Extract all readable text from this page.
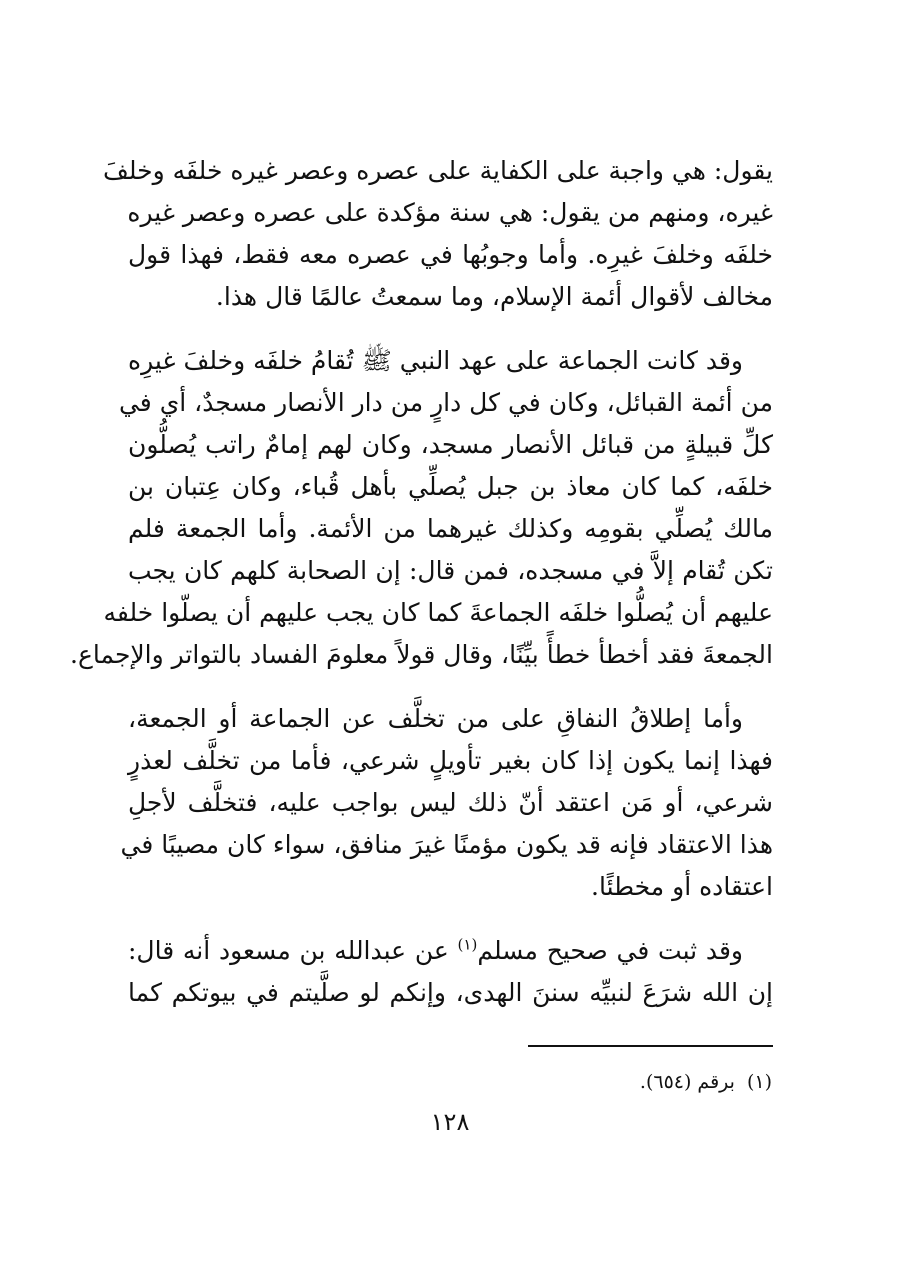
يقول: هي واجبة على الكفاية على عصره وعصر غيره خلفَه وخلفَ
غيره، ومنهم من يقول: هي سنة مؤكدة على عصره وعصر غيره
خلفَه وخلفَ غيرِه. وأما وجوبُها في عصره معه فقط، فهذا قول
مخالف لأقوال أئمة الإسلام، وما سمعتُ عالمًا قال هذا.

وقد كانت الجماعة على عهد النبي ﷺ تُقامُ خلفَه وخلفَ غيرِه
من أئمة القبائل، وكان في كل دارٍ من دار الأنصار مسجدٌ، أي في
كلِّ قبيلةٍ من قبائل الأنصار مسجد، وكان لهم إمامٌ راتب يُصلُّون
خلفَه، كما كان معاذ بن جبل يُصلِّي بأهل قُباء، وكان عِتبان بن
مالك يُصلِّي بقومِه وكذلك غيرهما من الأئمة. وأما الجمعة فلم
تكن تُقام إلاَّ في مسجده، فمن قال: إن الصحابة كلهم كان يجب
عليهم أن يُصلُّوا خلفَه الجماعةَ كما كان يجب عليهم أن يصلّوا خلفه
الجمعةَ فقد أخطأ خطأً بيِّنًا، وقال قولاً معلومَ الفساد بالتواتر والإجماع.

وأما إطلاقُ النفاقِ على من تخلَّف عن الجماعة أو الجمعة،
فهذا إنما يكون إذا كان بغير تأويلٍ شرعي، فأما من تخلَّف لعذرٍ
شرعي، أو مَن اعتقد أنّ ذلك ليس بواجب عليه، فتخلَّف لأجلِ
هذا الاعتقاد فإنه قد يكون مؤمنًا غيرَ منافق، سواء كان مصيبًا في
اعتقاده أو مخطئًا.

وقد ثبت في صحيح مسلم$^{(١)}$ عن عبدالله بن مسعود أنه قال:
إن الله شرَعَ لنبيِّه سننَ الهدى، وإنكم لو صلَّيتم في بيوتكم كما

(١)برقم (٦٥٤).
١٢٨
